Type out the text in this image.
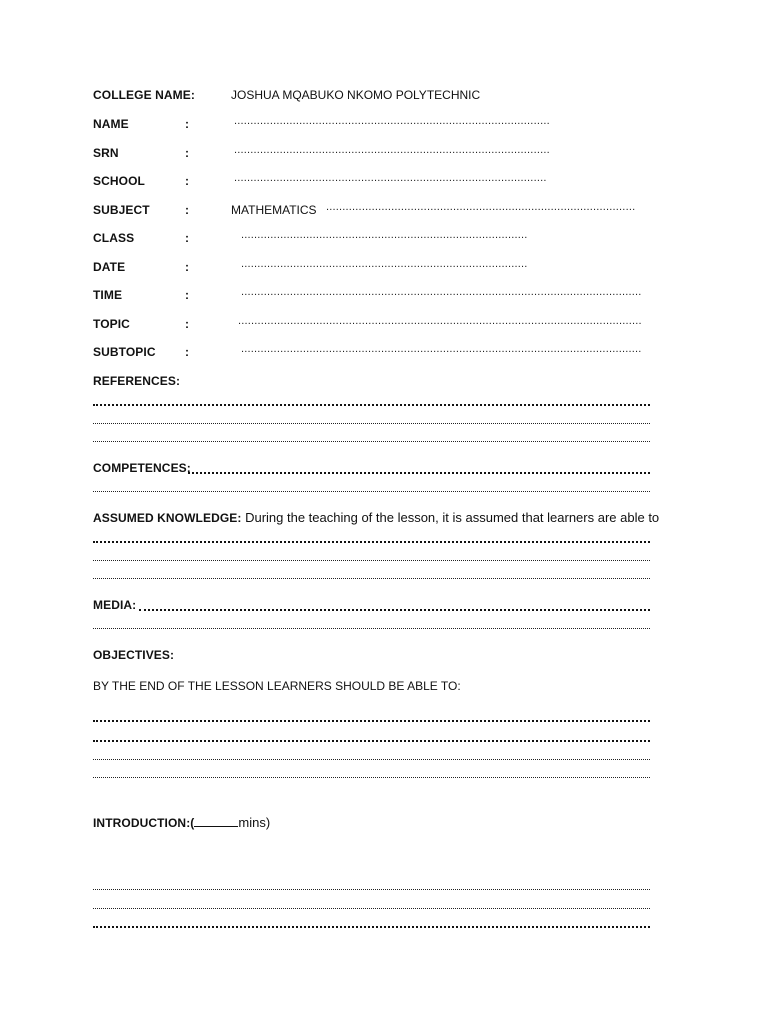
COLLEGE NAME:	JOSHUA MQABUKO NKOMO POLYTECHNIC
NAME	:	.................................................................................................
SRN	:	.................................................................................................
SCHOOL	:	................................................................................................
SUBJECT	:	MATHEMATICS ...............................................................................................
CLASS	:	........................................................................................
DATE	:	........................................................................................
TIME	:	...........................................................................................................................
TOPIC	:	............................................................................................................................
SUBTOPIC :	...........................................................................................................................
REFERENCES:
COMPETENCES:
ASSUMED KNOWLEDGE: During the teaching of the lesson, it is assumed that learners are able to
MEDIA:
OBJECTIVES:
BY THE END OF THE LESSON LEARNERS SHOULD BE ABLE TO:
INTRODUCTION:(	mins)
